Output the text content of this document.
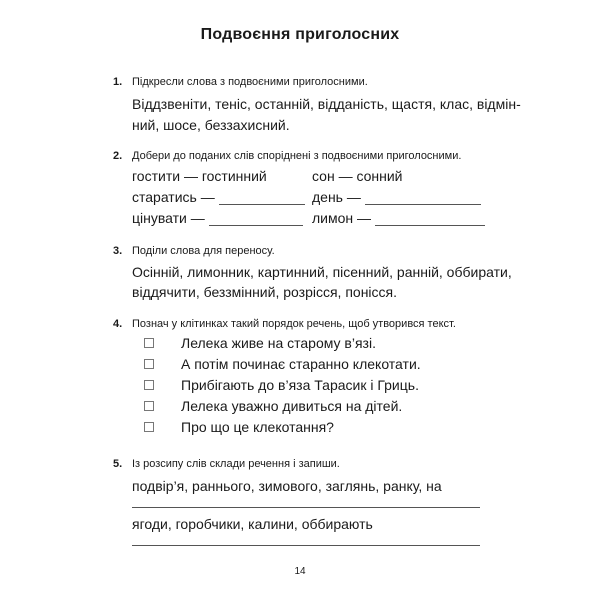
Подвоєння приголосних
1. Підкресли слова з подвоєними приголосними.
Віддзвеніти, теніс, останній, відданість, щастя, клас, відмін-
ний, шосе, беззахисний.
2. Добери до поданих слів споріднені з подвоєними приголосними.
гостити — гостинний	сон — сонний
старатись —	день —
цінувати —	лимон —
3. Поділи слова для переносу.
Осінній, лимонник, картинний, пісенний, ранній, оббирати,
віддячити, беззмінний, розрісся, понісся.
4. Познач у клітинках такий порядок речень, щоб утворився текст.
Лелека живе на старому в’язі.
А потім починає старанно клекотати.
Прибігають до в’яза Тарасик і Гриць.
Лелека уважно дивиться на дітей.
Про що це клекотання?
5. Із розсипу слів склади речення і запиши.
подвір’я, раннього, зимового, заглянь, ранку, на
ягоди, горобчики, калини, оббирають
14
